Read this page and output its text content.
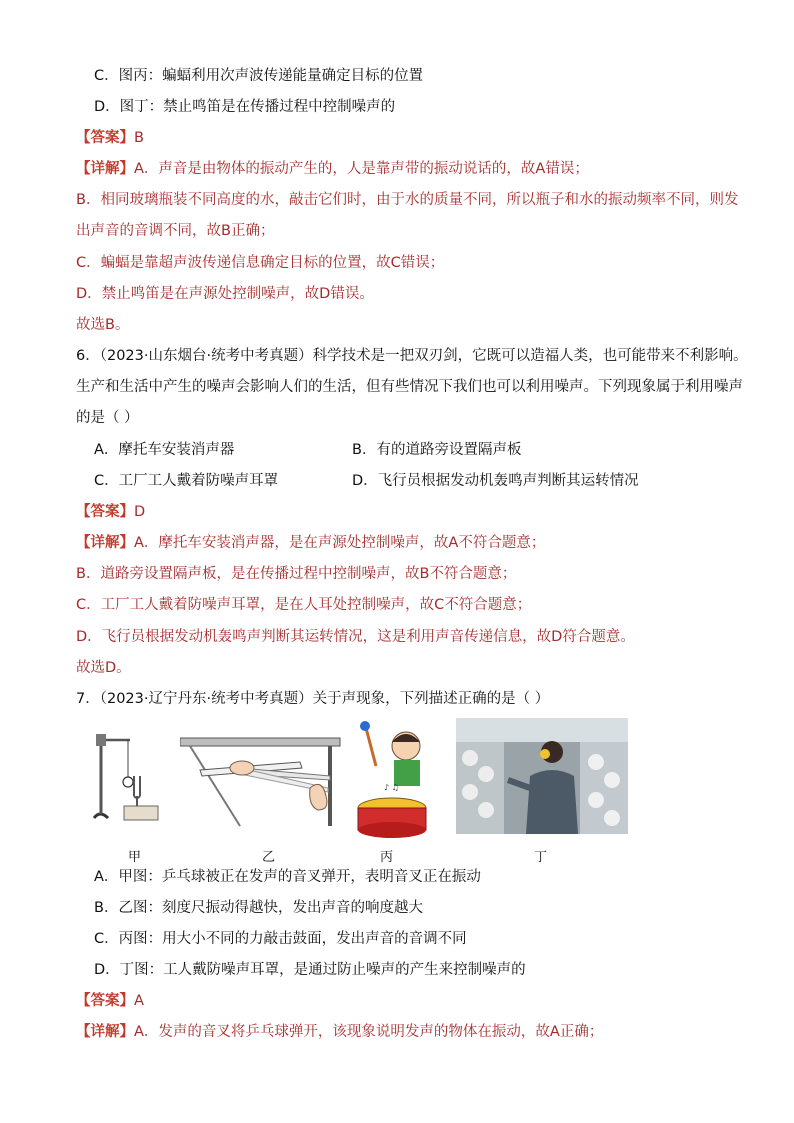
C．图丙：蝙蝠利用次声波传递能量确定目标的位置
D．图丁：禁止鸣笛是在传播过程中控制噪声的
【答案】B
【详解】A．声音是由物体的振动产生的，人是靠声带的振动说话的，故A错误；
B．相同玻璃瓶装不同高度的水，敲击它们时，由于水的质量不同，所以瓶子和水的振动频率不同，则发
出声音的音调不同，故B正确；
C．蝙蝠是靠超声波传递信息确定目标的位置，故C错误；
D．禁止鸣笛是在声源处控制噪声，故D错误。
故选B。
6．（2023·山东烟台·统考中考真题）科学技术是一把双刃剑，它既可以造福人类，也可能带来不利影响。
生产和生活中产生的噪声会影响人们的生活，但有些情况下我们也可以利用噪声。下列现象属于利用噪声
的是（ ）
A．摩托车安装消声器	B．有的道路旁设置隔声板
C．工厂工人戴着防噪声耳罩	D．飞行员根据发动机轰鸣声判断其运转情况
【答案】D
【详解】A．摩托车安装消声器，是在声源处控制噪声，故A不符合题意；
B．道路旁设置隔声板，是在传播过程中控制噪声，故B不符合题意；
C．工厂工人戴着防噪声耳罩，是在人耳处控制噪声，故C不符合题意；
D．飞行员根据发动机轰鸣声判断其运转情况，这是利用声音传递信息，故D符合题意。
故选D。
7．（2023·辽宁丹东·统考中考真题）关于声现象，下列描述正确的是（ ）
♪ ♫
甲	乙	丙	丁
A．甲图：乒乓球被正在发声的音叉弹开，表明音叉正在振动
B．乙图：刻度尺振动得越快，发出声音的响度越大
C．丙图：用大小不同的力敲击鼓面，发出声音的音调不同
D．丁图：工人戴防噪声耳罩，是通过防止噪声的产生来控制噪声的
【答案】A
【详解】A．发声的音叉将乒乓球弹开，该现象说明发声的物体在振动，故A正确；
